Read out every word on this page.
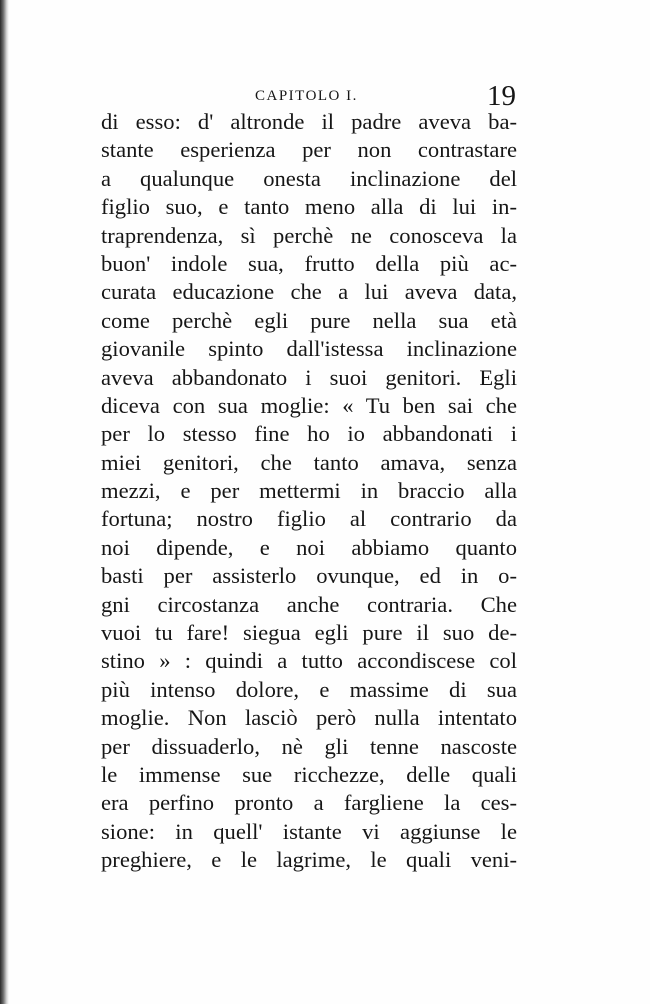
CAPITOLO I.	19
di esso: d' altronde il padre aveva ba-
stante esperienza per non contrastare
a qualunque onesta inclinazione del
figlio suo, e tanto meno alla di lui in-
traprendenza, sì perchè ne conosceva la
buon' indole sua, frutto della più ac-
curata educazione che a lui aveva data,
come perchè egli pure nella sua età
giovanile spinto dall'istessa inclinazione
aveva abbandonato i suoi genitori. Egli
diceva con sua moglie: « Tu ben sai che
per lo stesso fine ho io abbandonati i
miei genitori, che tanto amava, senza
mezzi, e per mettermi in braccio alla
fortuna; nostro figlio al contrario da
noi dipende, e noi abbiamo quanto
basti per assisterlo ovunque, ed in o-
gni circostanza anche contraria. Che
vuoi tu fare! siegua egli pure il suo de-
stino » : quindi a tutto accondiscese col
più intenso dolore, e massime di sua
moglie. Non lasciò però nulla intentato
per dissuaderlo, nè gli tenne nascoste
le immense sue ricchezze, delle quali
era perfino pronto a fargliene la ces-
sione: in quell' istante vi aggiunse le
preghiere, e le lagrime, le quali veni-
